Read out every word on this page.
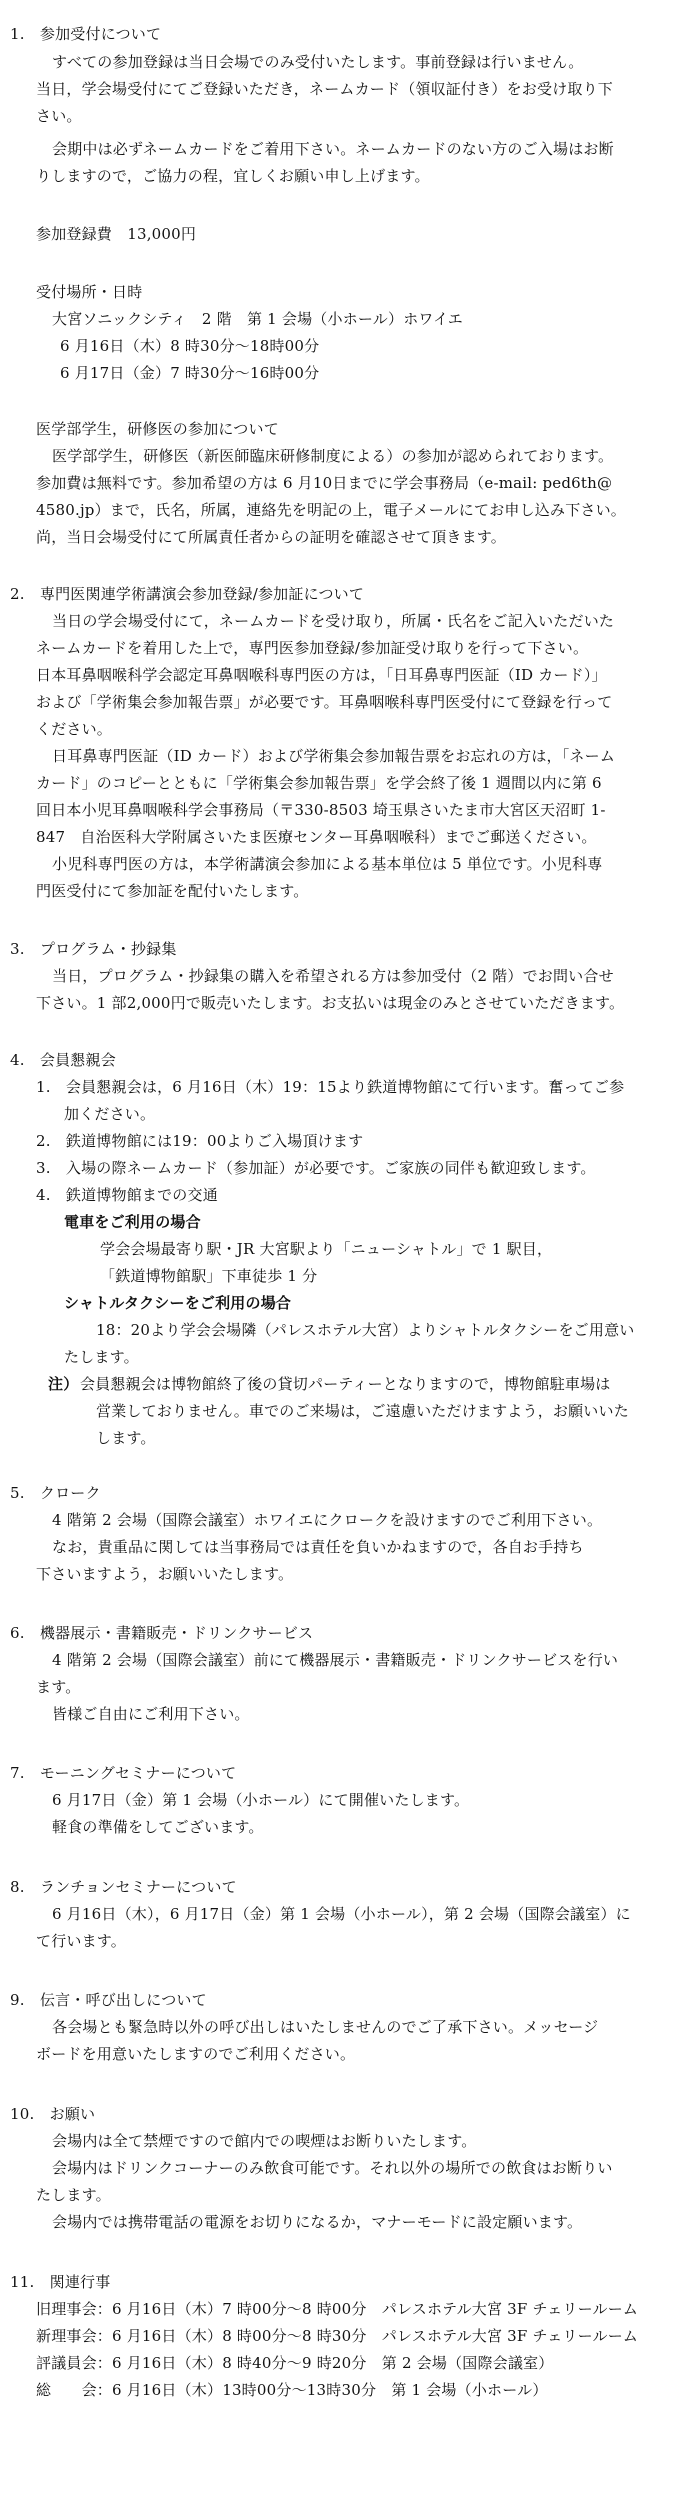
1.　参加受付について
すべての参加登録は当日会場でのみ受付いたします。事前登録は行いません。
当日，学会場受付にてご登録いただき，ネームカード（領収証付き）をお受け取り下
さい。
会期中は必ずネームカードをご着用下さい。ネームカードのない方のご入場はお断
りしますので，ご協力の程，宜しくお願い申し上げます。
参加登録費　13,000円
受付場所・日時
大宮ソニックシティ　2 階　第 1 会場（小ホール）ホワイエ
6 月16日（木）8 時30分～18時00分
6 月17日（金）7 時30分～16時00分
医学部学生，研修医の参加について
医学部学生，研修医（新医師臨床研修制度による）の参加が認められております。
参加費は無料です。参加希望の方は 6 月10日までに学会事務局（e-mail: ped6th@
4580.jp）まで，氏名，所属，連絡先を明記の上，電子メールにてお申し込み下さい。
尚，当日会場受付にて所属責任者からの証明を確認させて頂きます。
2.　専門医関連学術講演会参加登録/参加証について
当日の学会場受付にて，ネームカードを受け取り，所属・氏名をご記入いただいた
ネームカードを着用した上で，専門医参加登録/参加証受け取りを行って下さい。
日本耳鼻咽喉科学会認定耳鼻咽喉科専門医の方は，「日耳鼻専門医証（ID カード）」
および「学術集会参加報告票」が必要です。耳鼻咽喉科専門医受付にて登録を行って
ください。
日耳鼻専門医証（ID カード）および学術集会参加報告票をお忘れの方は，「ネーム
カード」のコピーとともに「学術集会参加報告票」を学会終了後 1 週間以内に第 6
回日本小児耳鼻咽喉科学会事務局（〒330-8503 埼玉県さいたま市大宮区天沼町 1-
847　自治医科大学附属さいたま医療センター耳鼻咽喉科）までご郵送ください。
小児科専門医の方は，本学術講演会参加による基本単位は 5 単位です。小児科専
門医受付にて参加証を配付いたします。
3.　プログラム・抄録集
当日，プログラム・抄録集の購入を希望される方は参加受付（2 階）でお問い合せ
下さい。1 部2,000円で販売いたします。お支払いは現金のみとさせていただきます。
4.　会員懇親会
1.　会員懇親会は，6 月16日（木）19：15より鉄道博物館にて行います。奮ってご参
加ください。
2.　鉄道博物館には19：00よりご入場頂けます
3.　入場の際ネームカード（参加証）が必要です。ご家族の同伴も歓迎致します。
4.　鉄道博物館までの交通
電車をご利用の場合
学会会場最寄り駅・JR 大宮駅より「ニューシャトル」で 1 駅目，
「鉄道博物館駅」下車徒歩 1 分
シャトルタクシーをご利用の場合
18：20より学会会場隣（パレスホテル大宮）よりシャトルタクシーをご用意い
たします。
注） 会員懇親会は博物館終了後の貸切パーティーとなりますので，博物館駐車場は
営業しておりません。車でのご来場は，ご遠慮いただけますよう，お願いいた
します。
5.　クローク
4 階第 2 会場（国際会議室）ホワイエにクロークを設けますのでご利用下さい。
なお，貴重品に関しては当事務局では責任を負いかねますので，各自お手持ち
下さいますよう，お願いいたします。
6.　機器展示・書籍販売・ドリンクサービス
4 階第 2 会場（国際会議室）前にて機器展示・書籍販売・ドリンクサービスを行い
ます。
皆様ご自由にご利用下さい。
7.　モーニングセミナーについて
6 月17日（金）第 1 会場（小ホール）にて開催いたします。
軽食の準備をしてございます。
8.　ランチョンセミナーについて
6 月16日（木），6 月17日（金）第 1 会場（小ホール），第 2 会場（国際会議室）に
て行います。
9.　伝言・呼び出しについて
各会場とも緊急時以外の呼び出しはいたしませんのでご了承下さい。メッセージ
ボードを用意いたしますのでご利用ください。
10.　お願い
会場内は全て禁煙ですので館内での喫煙はお断りいたします。
会場内はドリンクコーナーのみ飲食可能です。それ以外の場所での飲食はお断りい
たします。
会場内では携帯電話の電源をお切りになるか，マナーモードに設定願います。
11.　関連行事
旧理事会：6 月16日（木）7 時00分～8 時00分　パレスホテル大宮 3F チェリールーム
新理事会：6 月16日（木）8 時00分～8 時30分　パレスホテル大宮 3F チェリールーム
評議員会：6 月16日（木）8 時40分～9 時20分　第 2 会場（国際会議室）
総　　会：6 月16日（木）13時00分～13時30分　第 1 会場（小ホール）
